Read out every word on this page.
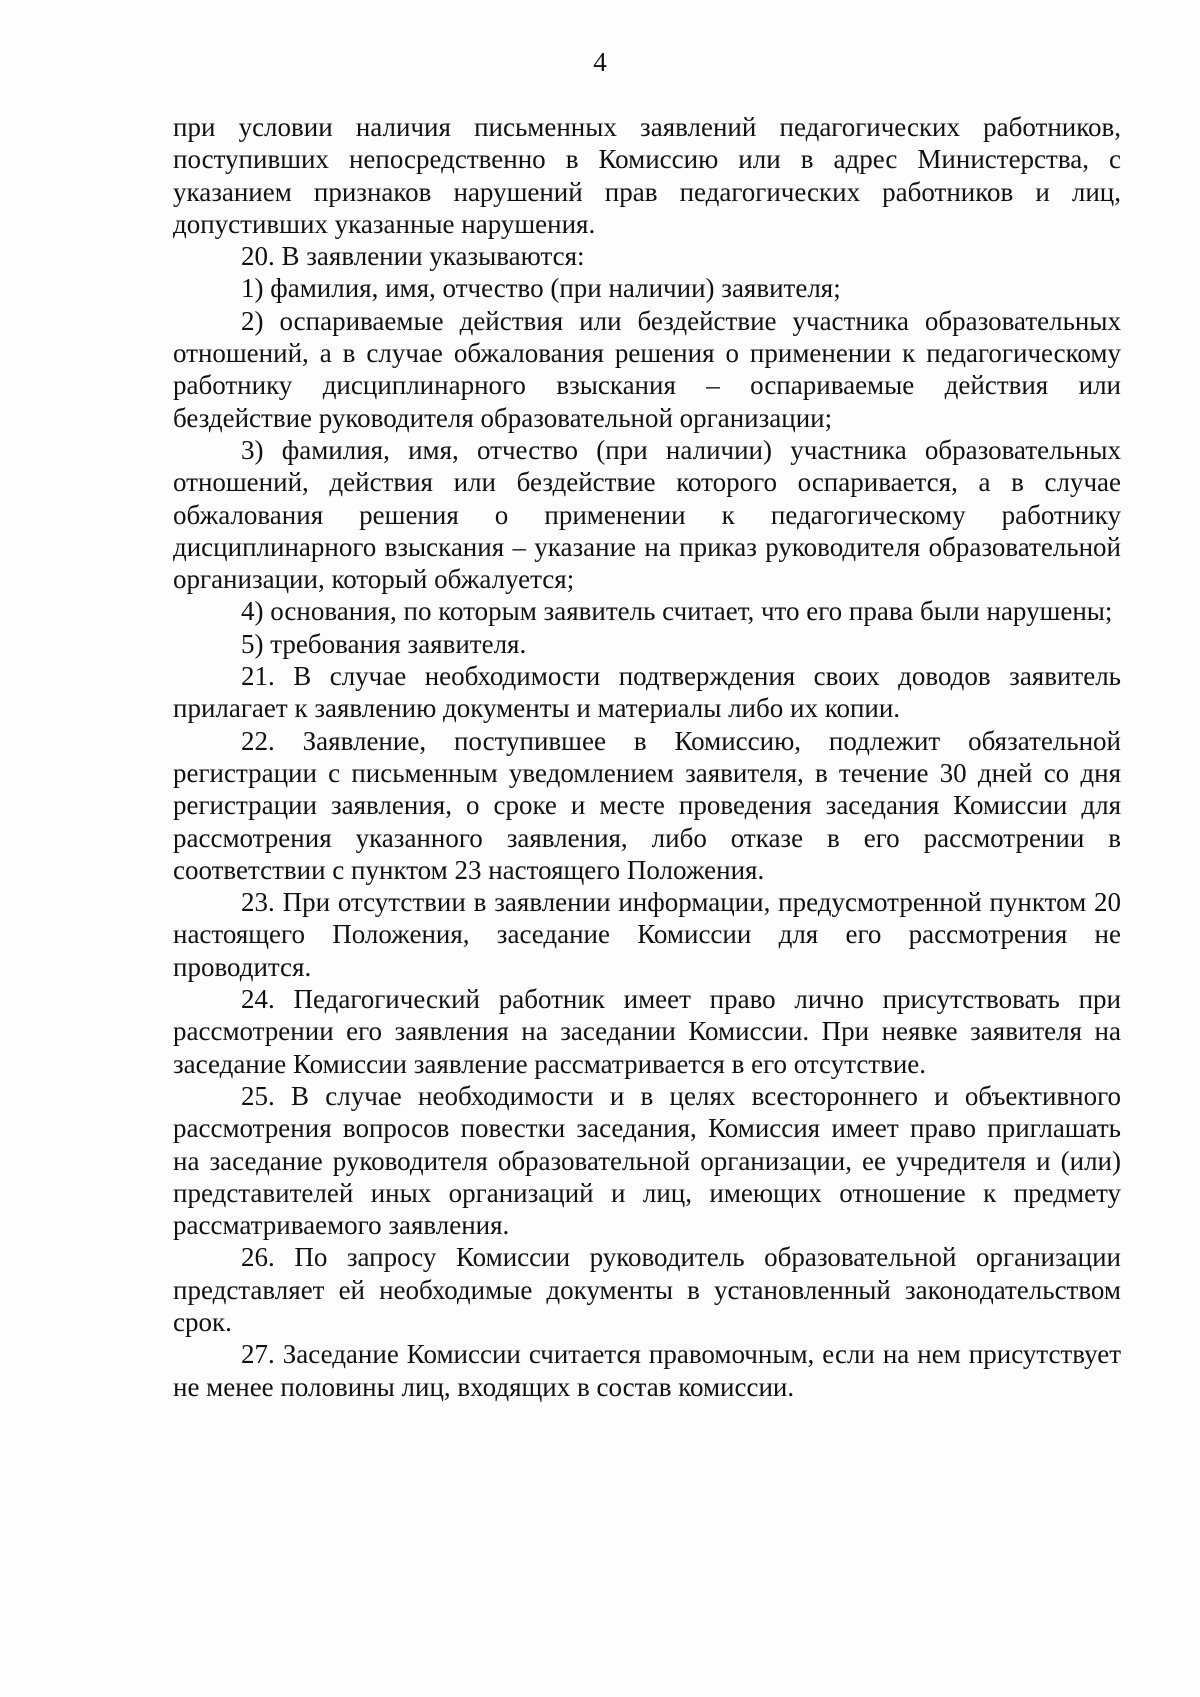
4

при условии наличия письменных заявлений педагогических работников, поступивших непосредственно в Комиссию или в адрес Министерства, с указанием признаков нарушений прав педагогических работников и лиц, допустивших указанные нарушения.

20. В заявлении указываются:

1) фамилия, имя, отчество (при наличии) заявителя;

2) оспариваемые действия или бездействие участника образовательных отношений, а в случае обжалования решения о применении к педагогическому работнику дисциплинарного взыскания – оспариваемые действия или бездействие руководителя образовательной организации;

3) фамилия, имя, отчество (при наличии) участника образовательных отношений, действия или бездействие которого оспаривается, а в случае обжалования решения о применении к педагогическому работнику дисциплинарного взыскания – указание на приказ руководителя образовательной организации, который обжалуется;

4) основания, по которым заявитель считает, что его права были нарушены;

5) требования заявителя.

21. В случае необходимости подтверждения своих доводов заявитель прилагает к заявлению документы и материалы либо их копии.

22. Заявление, поступившее в Комиссию, подлежит обязательной регистрации с письменным уведомлением заявителя, в течение 30 дней со дня регистрации заявления, о сроке и месте проведения заседания Комиссии для рассмотрения указанного заявления, либо отказе в его рассмотрении в соответствии с пунктом 23 настоящего Положения.

23. При отсутствии в заявлении информации, предусмотренной пунктом 20 настоящего Положения, заседание Комиссии для его рассмотрения не проводится.

24. Педагогический работник имеет право лично присутствовать при рассмотрении его заявления на заседании Комиссии. При неявке заявителя на заседание Комиссии заявление рассматривается в его отсутствие.

25. В случае необходимости и в целях всестороннего и объективного рассмотрения вопросов повестки заседания, Комиссия имеет право приглашать на заседание руководителя образовательной организации, ее учредителя и (или) представителей иных организаций и лиц, имеющих отношение к предмету рассматриваемого заявления.

26. По запросу Комиссии руководитель образовательной организации представляет ей необходимые документы в установленный законодательством срок.

27. Заседание Комиссии считается правомочным, если на нем присутствует не менее половины лиц, входящих в состав комиссии.
